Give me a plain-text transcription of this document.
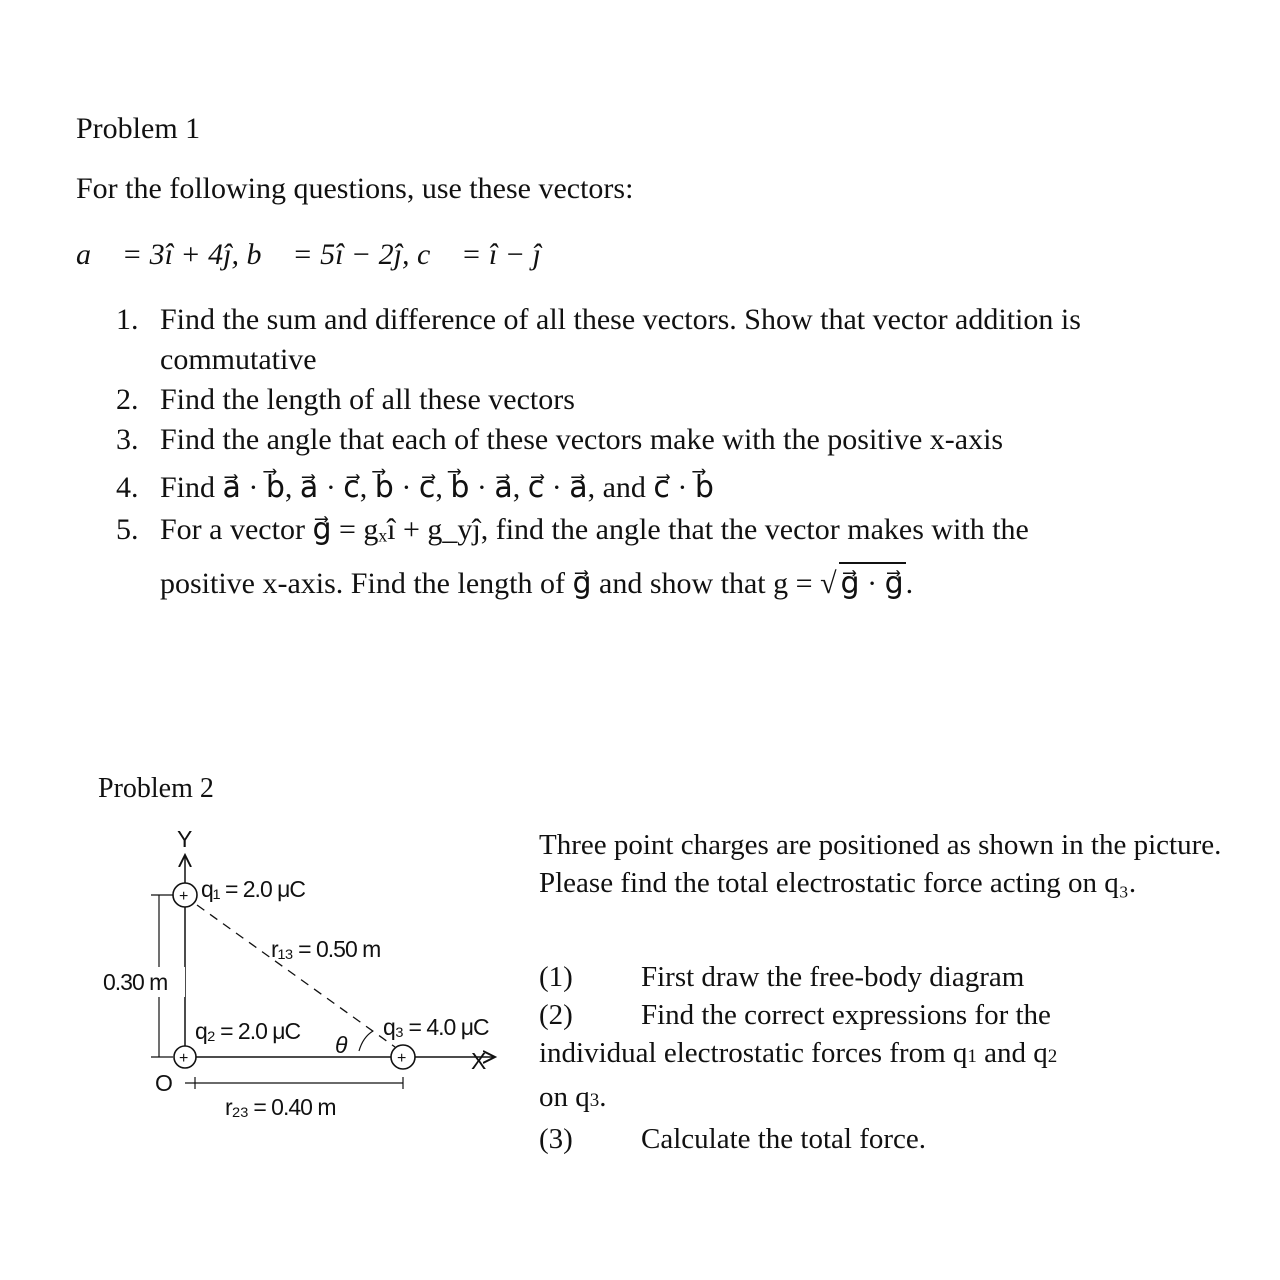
Problem 1
For the following questions, use these vectors:
a⃗ = 3î + 4ĵ, b⃗ = 5î − 2ĵ, c⃗ = î − ĵ
1. Find the sum and difference of all these vectors. Show that vector addition is
commutative
2. Find the length of all these vectors
3. Find the angle that each of these vectors make with the positive x-axis
4. Find a⃗ · b⃗, a⃗ · c⃗, b⃗ · c⃗, b⃗ · a⃗, c⃗ · a⃗, and c⃗ · b⃗
5. For a vector g⃗ = gₓî + g_yĵ, find the angle that the vector makes with the
positive x-axis. Find the length of g⃗ and show that g = √ g⃗ · g⃗.
Problem 2
Y
X
O
0.30 m
r₁₃ = 0.50 m
r₂₃ = 0.40 m
+ q₁ = 2.0 μC
+
q₂ = 2.0 μC
+
q₃ = 4.0 μC
θ
Three point charges are positioned as shown in the picture. Please find the total electrostatic force acting on q₃.
(1) First draw the free-body diagram
(2) Find the correct expressions for the
individual electrostatic forces from q1 and q2
on q3.
(3) Calculate the total force.
